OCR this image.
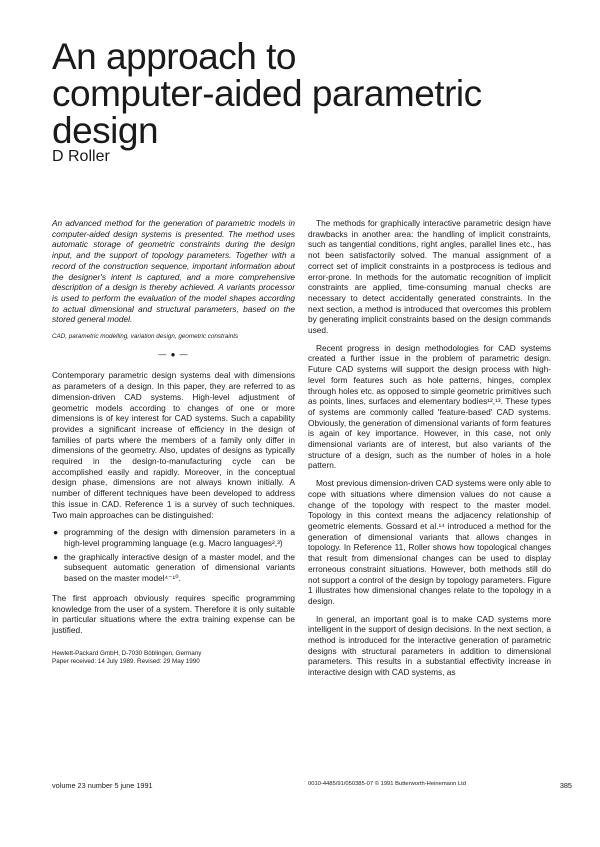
An approach to
computer-aided parametric
design
D Roller

An advanced method for the generation of parametric models in computer-aided design systems is presented. The method uses automatic storage of geometric constraints during the design input, and the support of topology parameters. Together with a record of the construction sequence, important information about the designer's intent is captured, and a more comprehensive description of a design is thereby achieved. A variants processor is used to perform the evaluation of the model shapes according to actual dimensional and structural parameters, based on the stored general model.

CAD, parametric modelling, variation design, geometric constraints

— ● —

Contemporary parametric design systems deal with dimensions as parameters of a design. In this paper, they are referred to as dimension-driven CAD systems. High-level adjustment of geometric models according to changes of one or more dimensions is of key interest for CAD systems. Such a capability provides a significant increase of efficiency in the design of families of parts where the members of a family only differ in dimensions of the geometry. Also, updates of designs as typically required in the design-to-manufacturing cycle can be accomplished easily and rapidly. Moreover, in the conceptual design phase, dimensions are not always known initially. A number of different techniques have been developed to address this issue in CAD. Reference 1 is a survey of such techniques. Two main approaches can be distinguished:

● programming of the design with dimension parameters in a high-level programming language (e.g. Macro languages²,³)
● the graphically interactive design of a master model, and the subsequent automatic generation of dimensional variants based on the master model⁴⁻¹⁰.

The first approach obviously requires specific programming knowledge from the user of a system. Therefore it is only suitable in particular situations where the extra training expense can be justified.

Hewlett-Packard GmbH, D-7030 Böblingen, Germany
Paper received: 14 July 1989. Revised: 29 May 1990

The methods for graphically interactive parametric design have drawbacks in another area: the handling of implicit constraints, such as tangential conditions, right angles, parallel lines etc., has not been satisfactorily solved. The manual assignment of a correct set of implicit constraints in a postprocess is tedious and error-prone. In methods for the automatic recognition of implicit constraints are applied, time-consuming manual checks are necessary to detect accidentally generated constraints. In the next section, a method is introduced that overcomes this problem by generating implicit constraints based on the design commands used.

Recent progress in design methodologies for CAD systems created a further issue in the problem of parametric design. Future CAD systems will support the design process with high-level form features such as hole patterns, hinges, complex through holes etc. as opposed to simple geometric primitives such as points, lines, surfaces and elementary bodies¹²,¹³. These types of systems are commonly called 'feature-based' CAD systems. Obviously, the generation of dimensional variants of form features is again of key importance. However, in this case, not only dimensional variants are of interest, but also variants of the structure of a design, such as the number of holes in a hole pattern.

Most previous dimension-driven CAD systems were only able to cope with situations where dimension values do not cause a change of the topology with respect to the master model. Topology in this context means the adjacency relationship of geometric elements. Gossard et al.¹⁴ introduced a method for the generation of dimensional variants that allows changes in topology. In Reference 11, Roller shows how topological changes that result from dimensional changes can be used to display erroneous constraint situations. However, both methods still do not support a control of the design by topology parameters. Figure 1 illustrates how dimensional changes relate to the topology in a design.

In general, an important goal is to make CAD systems more intelligent in the support of design decisions. In the next section, a method is introduced for the interactive generation of parametric designs with structural parameters in addition to dimensional parameters. This results in a substantial effectivity increase in interactive design with CAD systems, as

volume 23 number 5 june 1991	0010-4485/91/050385-07 © 1991 Butterworth-Heinemann Ltd	385
